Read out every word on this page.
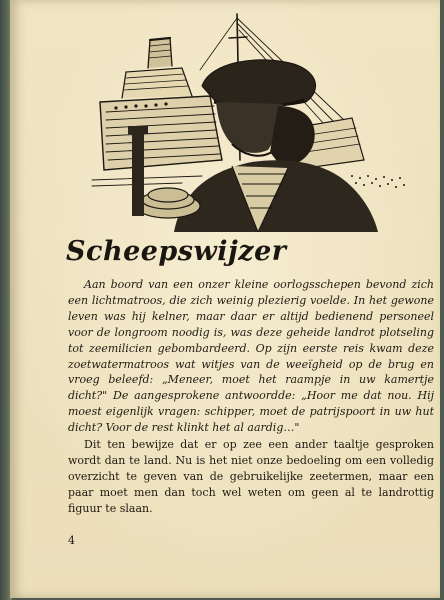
Scheepswijzer

Aan boord van een onzer kleine oorlogsschepen bevond zich een lichtmatroos, die zich weinig plezierig voelde. In het gewone leven was hij kelner, maar daar er altijd bedienend personeel voor de longroom noodig is, was deze geheide landrot plotseling tot zeemilicien gebombardeerd. Op zijn eerste reis kwam deze zoetwatermatroos wat witjes van de weeïgheid op de brug en vroeg beleefd: „Meneer, moet het raampje in uw kamertje dicht?" De aangesprokene antwoordde: „Hoor me dat nou. Hij moest eigenlijk vragen: schipper, moet de patrijspoort in uw hut dicht? Voor de rest klinkt het al aardig…"

Dit ten bewijze dat er op zee een ander taaltje gesproken wordt dan te land. Nu is het niet onze bedoeling om een volledig overzicht te geven van de gebruikelijke zeetermen, maar een paar moet men dan toch wel weten om geen al te landrottig figuur te slaan.

4
